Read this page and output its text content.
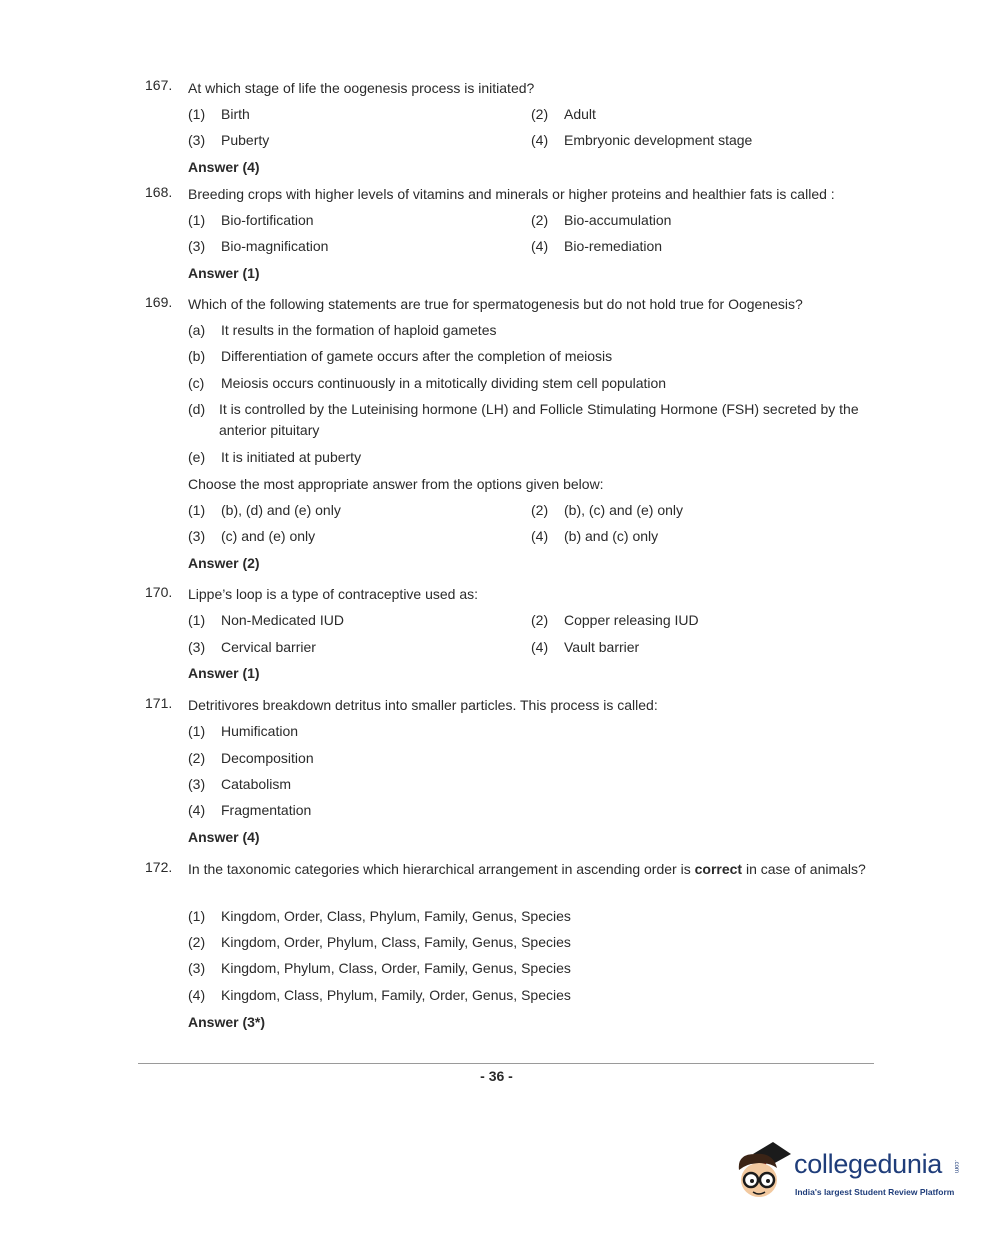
167.	At which stage of life the oogenesis process is initiated?
(1) Birth	(2) Adult
(3) Puberty	(4) Embryonic development stage
Answer (4)
168.	Breeding crops with higher levels of vitamins and minerals or higher proteins and healthier fats is called :
(1) Bio-fortification	(2) Bio-accumulation
(3) Bio-magnification	(4) Bio-remediation
Answer (1)
169.	Which of the following statements are true for spermatogenesis but do not hold true for Oogenesis?
(a) It results in the formation of haploid gametes
(b) Differentiation of gamete occurs after the completion of meiosis
(c) Meiosis occurs continuously in a mitotically dividing stem cell population
(d) It is controlled by the Luteinising hormone (LH) and Follicle Stimulating Hormone (FSH) secreted by the anterior pituitary
(e) It is initiated at puberty
Choose the most appropriate answer from the options given below:
(1) (b), (d) and (e) only	(2) (b), (c) and (e) only
(3) (c) and (e) only	(4) (b) and (c) only
Answer (2)
170.	Lippe’s loop is a type of contraceptive used as:
(1) Non-Medicated IUD	(2) Copper releasing IUD
(3) Cervical barrier	(4) Vault barrier
Answer (1)
171.	Detritivores breakdown detritus into smaller particles. This process is called:
(1) Humification
(2) Decomposition
(3) Catabolism
(4) Fragmentation
Answer (4)
172.	In the taxonomic categories which hierarchical arrangement in ascending order is correct in case of animals?
(1) Kingdom, Order, Class, Phylum, Family, Genus, Species
(2) Kingdom, Order, Phylum, Class, Family, Genus, Species
(3) Kingdom, Phylum, Class, Order, Family, Genus, Species
(4) Kingdom, Class, Phylum, Family, Order, Genus, Species
Answer (3*)
- 36 -
collegedunia .com
India's largest Student Review Platform
